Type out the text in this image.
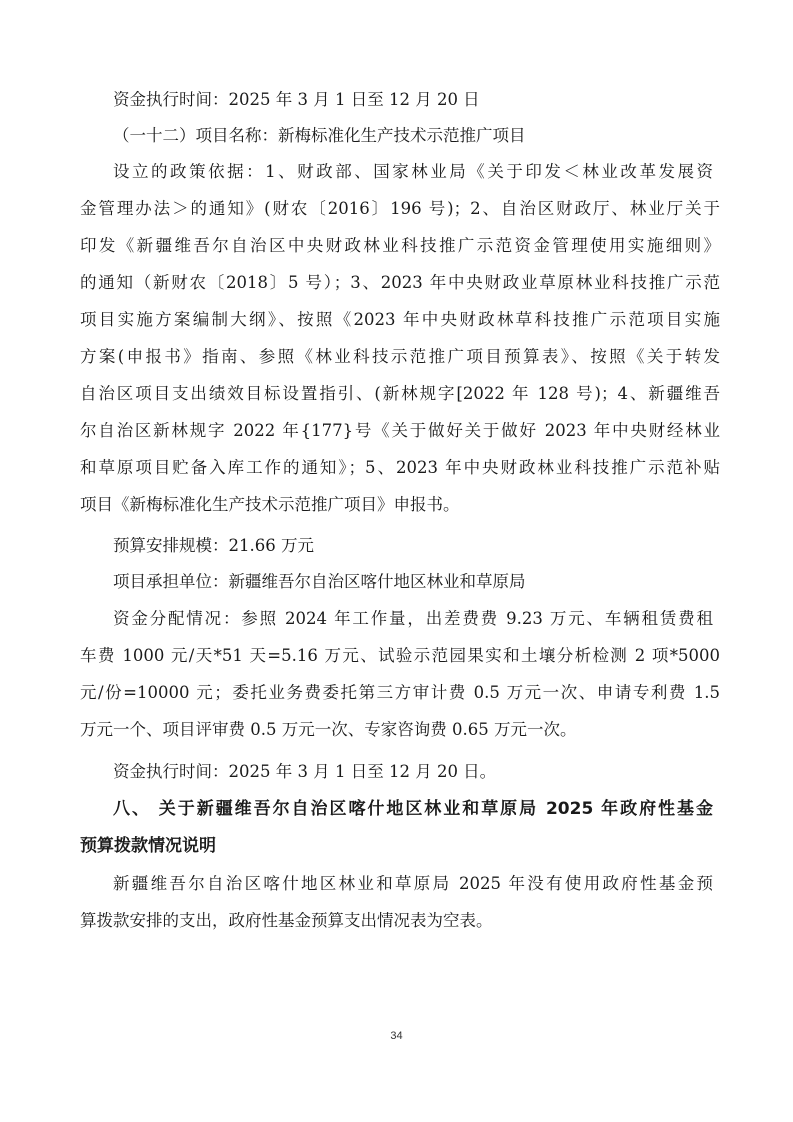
资金执行时间：2025 年 3 月 1 日至 12 月 20 日
（一十二）项目名称：新梅标准化生产技术示范推广项目
设立的政策依据：1、财政部、国家林业局《关于印发＜林业改革发展资
金管理办法＞的通知》(财农〔2016〕196 号)；2、自治区财政厅、林业厅关于
印发《新疆维吾尔自治区中央财政林业科技推广示范资金管理使用实施细则》
的通知（新财农〔2018〕5 号）；3、2023 年中央财政业草原林业科技推广示范
项目实施方案编制大纲》、按照《2023 年中央财政林草科技推广示范项目实施
方案(申报书》指南、参照《林业科技示范推广项目预算表》、按照《关于转发
自治区项目支出绩效目标设置指引、(新林规字[2022 年 128 号)；4、新疆维吾
尔自治区新林规字 2022 年{177}号《关于做好关于做好 2023 年中央财经林业
和草原项目贮备入库工作的通知》；5、2023 年中央财政林业科技推广示范补贴
项目《新梅标准化生产技术示范推广项目》申报书。
预算安排规模：21.66 万元
项目承担单位：新疆维吾尔自治区喀什地区林业和草原局
资金分配情况：参照 2024 年工作量，出差费费 9.23 万元、车辆租赁费租
车费 1000 元/天*51 天=5.16 万元、试验示范园果实和土壤分析检测 2 项*5000
元/份=10000 元；委托业务费委托第三方审计费 0.5 万元一次、申请专利费 1.5
万元一个、项目评审费 0.5 万元一次、专家咨询费 0.65 万元一次。
资金执行时间：2025 年 3 月 1 日至 12 月 20 日。
八、 关于新疆维吾尔自治区喀什地区林业和草原局 2025 年政府性基金
预算拨款情况说明
新疆维吾尔自治区喀什地区林业和草原局 2025 年没有使用政府性基金预
算拨款安排的支出，政府性基金预算支出情况表为空表。
34
